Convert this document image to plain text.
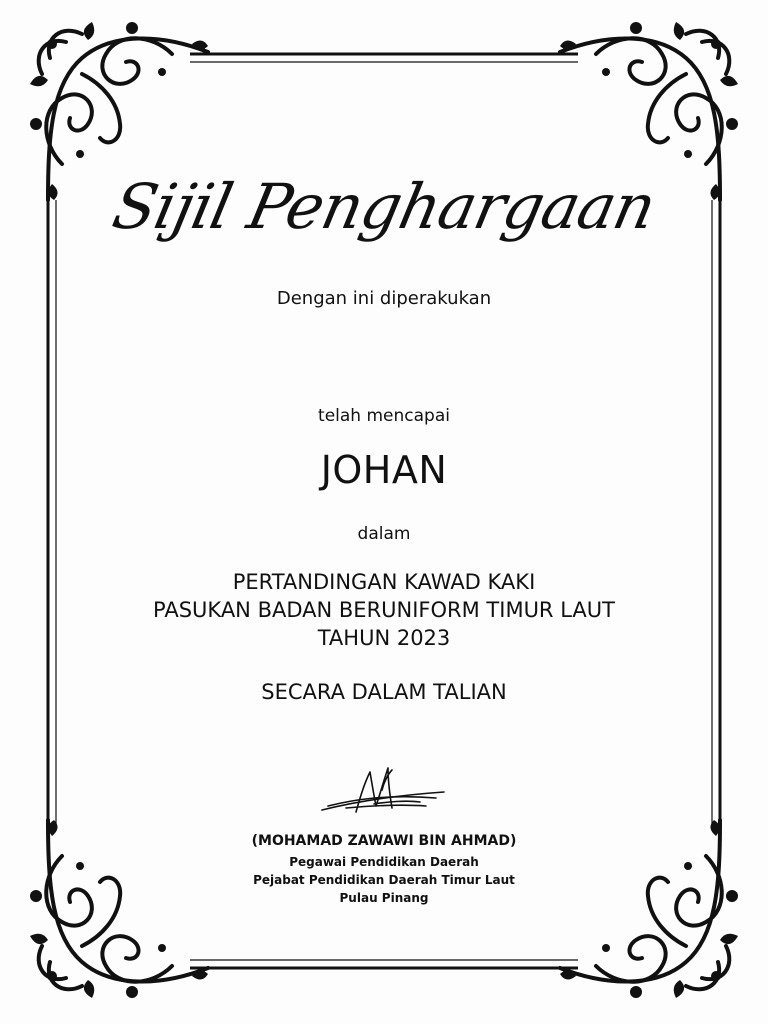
Sijil Penghargaan
Dengan ini diperakukan
telah mencapai
JOHAN
dalam
PERTANDINGAN KAWAD KAKI
PASUKAN BADAN BERUNIFORM TIMUR LAUT
TAHUN 2023
SECARA DALAM TALIAN
(MOHAMAD ZAWAWI BIN AHMAD)
Pegawai Pendidikan Daerah
Pejabat Pendidikan Daerah Timur Laut
Pulau Pinang
